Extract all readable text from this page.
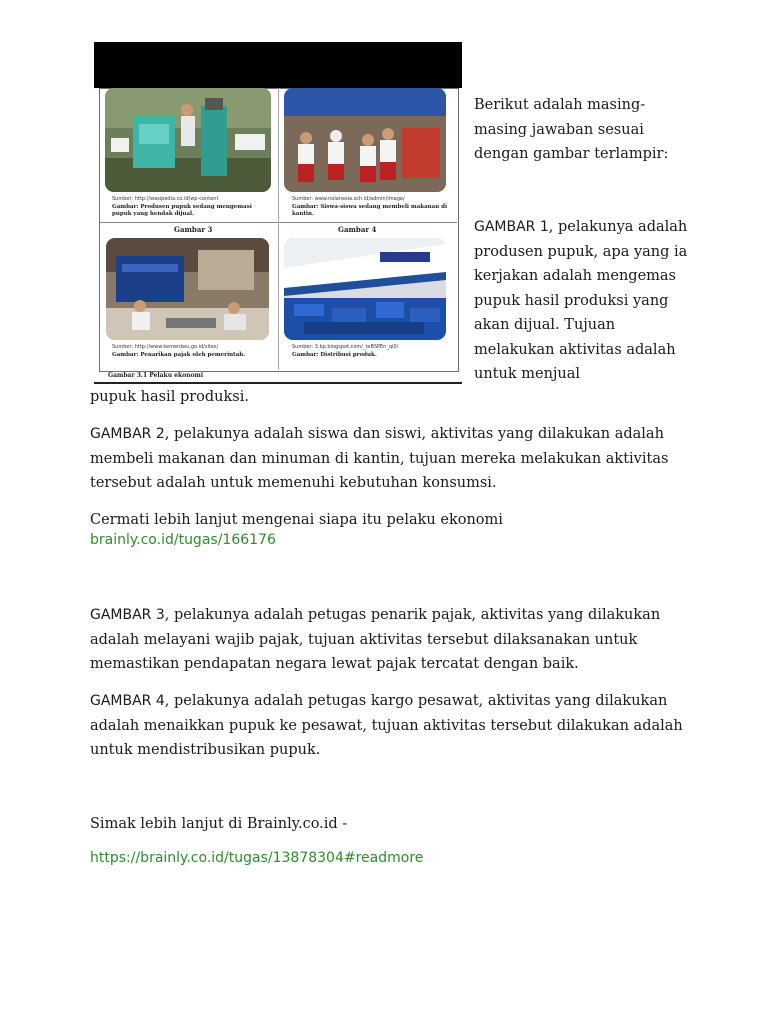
Sumber: http://wasipedia.co.id/wp-content
Gambar: Produsen pupuk sedang mengemasi pupuk yang hendak dijual.
Sumber: www.nolanesia.sch.id/admin/image/
Gambar: Siswa-siswa sedang membeli makanan di kantin.
Gambar 3	Gambar 4
Sumber: http://www.kemenkeu.go.id/sites/
Gambar: Penarikan pajak oleh pemerintah.
Sumber: 3.bp.blogspot.com/_teBSPEn_qi0/
Gambar: Distribusi produk.
Gambar 3.1 Pelaku ekonomi

Berikut adalah masing-masing jawaban sesuai dengan gambar terlampir:

GAMBAR 1, pelakunya adalah produsen pupuk, apa yang ia kerjakan adalah mengemas pupuk hasil produksi yang akan dijual. Tujuan melakukan aktivitas adalah untuk menjual

pupuk hasil produksi.

GAMBAR 2, pelakunya adalah siswa dan siswi, aktivitas yang dilakukan adalah membeli makanan dan minuman di kantin, tujuan mereka melakukan aktivitas tersebut adalah untuk memenuhi kebutuhan konsumsi.

Cermati lebih lanjut mengenai siapa itu pelaku ekonomi

brainly.co.id/tugas/166176

GAMBAR 3, pelakunya adalah petugas penarik pajak, aktivitas yang dilakukan adalah melayani wajib pajak, tujuan aktivitas tersebut dilaksanakan untuk memastikan pendapatan negara lewat pajak tercatat dengan baik.

GAMBAR 4, pelakunya adalah petugas kargo pesawat, aktivitas yang dilakukan adalah menaikkan pupuk ke pesawat, tujuan aktivitas tersebut dilakukan adalah untuk mendistribusikan pupuk.

Simak lebih lanjut di Brainly.co.id -

https://brainly.co.id/tugas/13878304#readmore
